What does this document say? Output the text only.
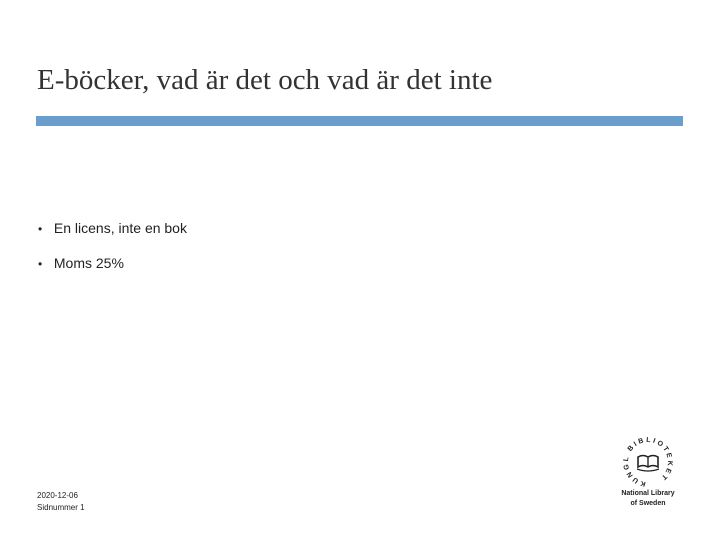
E-böcker, vad är det och vad är det inte
• En licens, inte en bok
• Moms 25%
2020-12-06
Sidnummer 1
KUNGL BIBLIOTEKET
National Library
of Sweden
